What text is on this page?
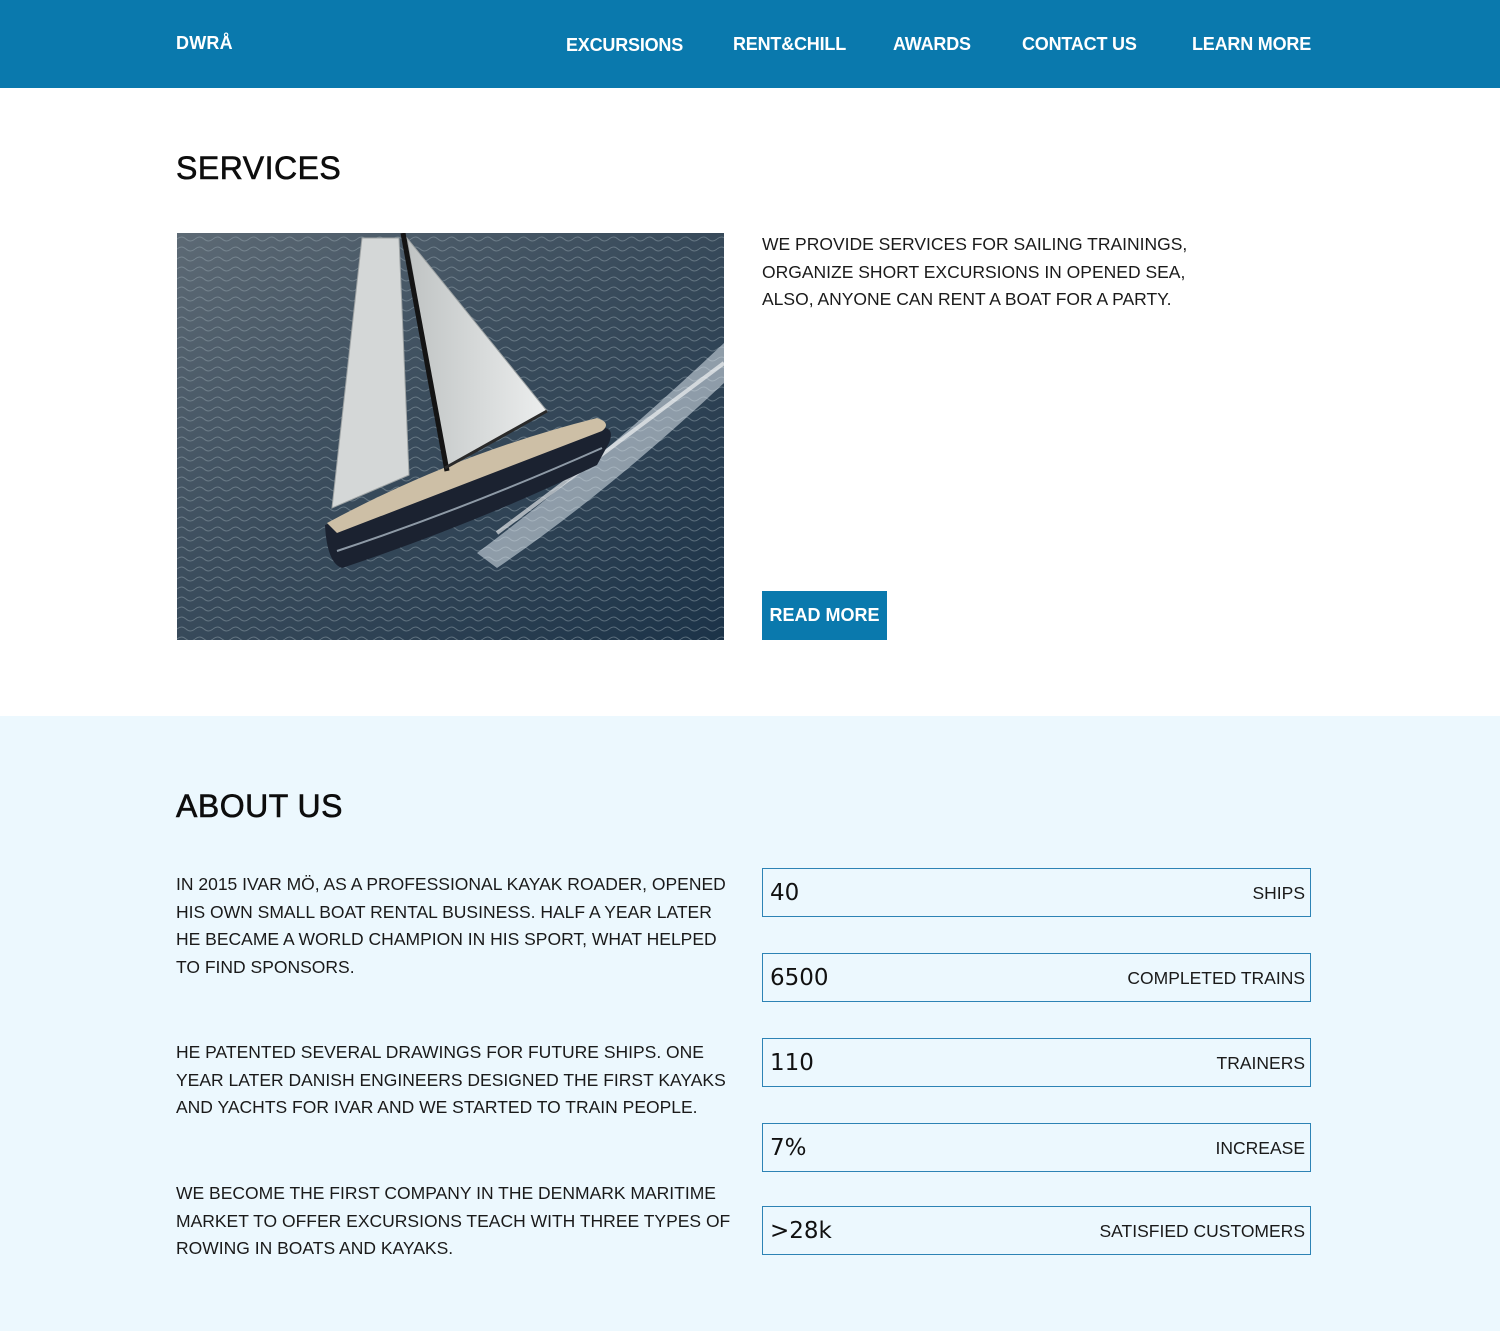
DWRÅ	EXCURSIONS	RENT&CHILL	AWARDS	CONTACT US	LEARN MORE
SERVICES

WE PROVIDE SERVICES FOR SAILING TRAININGS, ORGANIZE SHORT EXCURSIONS IN OPENED SEA, ALSO, ANYONE CAN RENT A BOAT FOR A PARTY.

READ MORE
ABOUT US

IN 2015 IVAR MÖ, AS A PROFESSIONAL KAYAK ROADER, OPENED HIS OWN SMALL BOAT RENTAL BUSINESS. HALF A YEAR LATER HE BECAME A WORLD CHAMPION IN HIS SPORT, WHAT HELPED TO FIND SPONSORS.

HE PATENTED SEVERAL DRAWINGS FOR FUTURE SHIPS. ONE YEAR LATER DANISH ENGINEERS DESIGNED THE FIRST KAYAKS AND YACHTS FOR IVAR AND WE STARTED TO TRAIN PEOPLE.

WE BECOME THE FIRST COMPANY IN THE DENMARK MARITIME MARKET TO OFFER EXCURSIONS TEACH WITH THREE TYPES OF ROWING IN BOATS AND KAYAKS.

40	SHIPS
6500	COMPLETED TRAINS
110	TRAINERS
7%	INCREASE
>28k	SATISFIED CUSTOMERS
